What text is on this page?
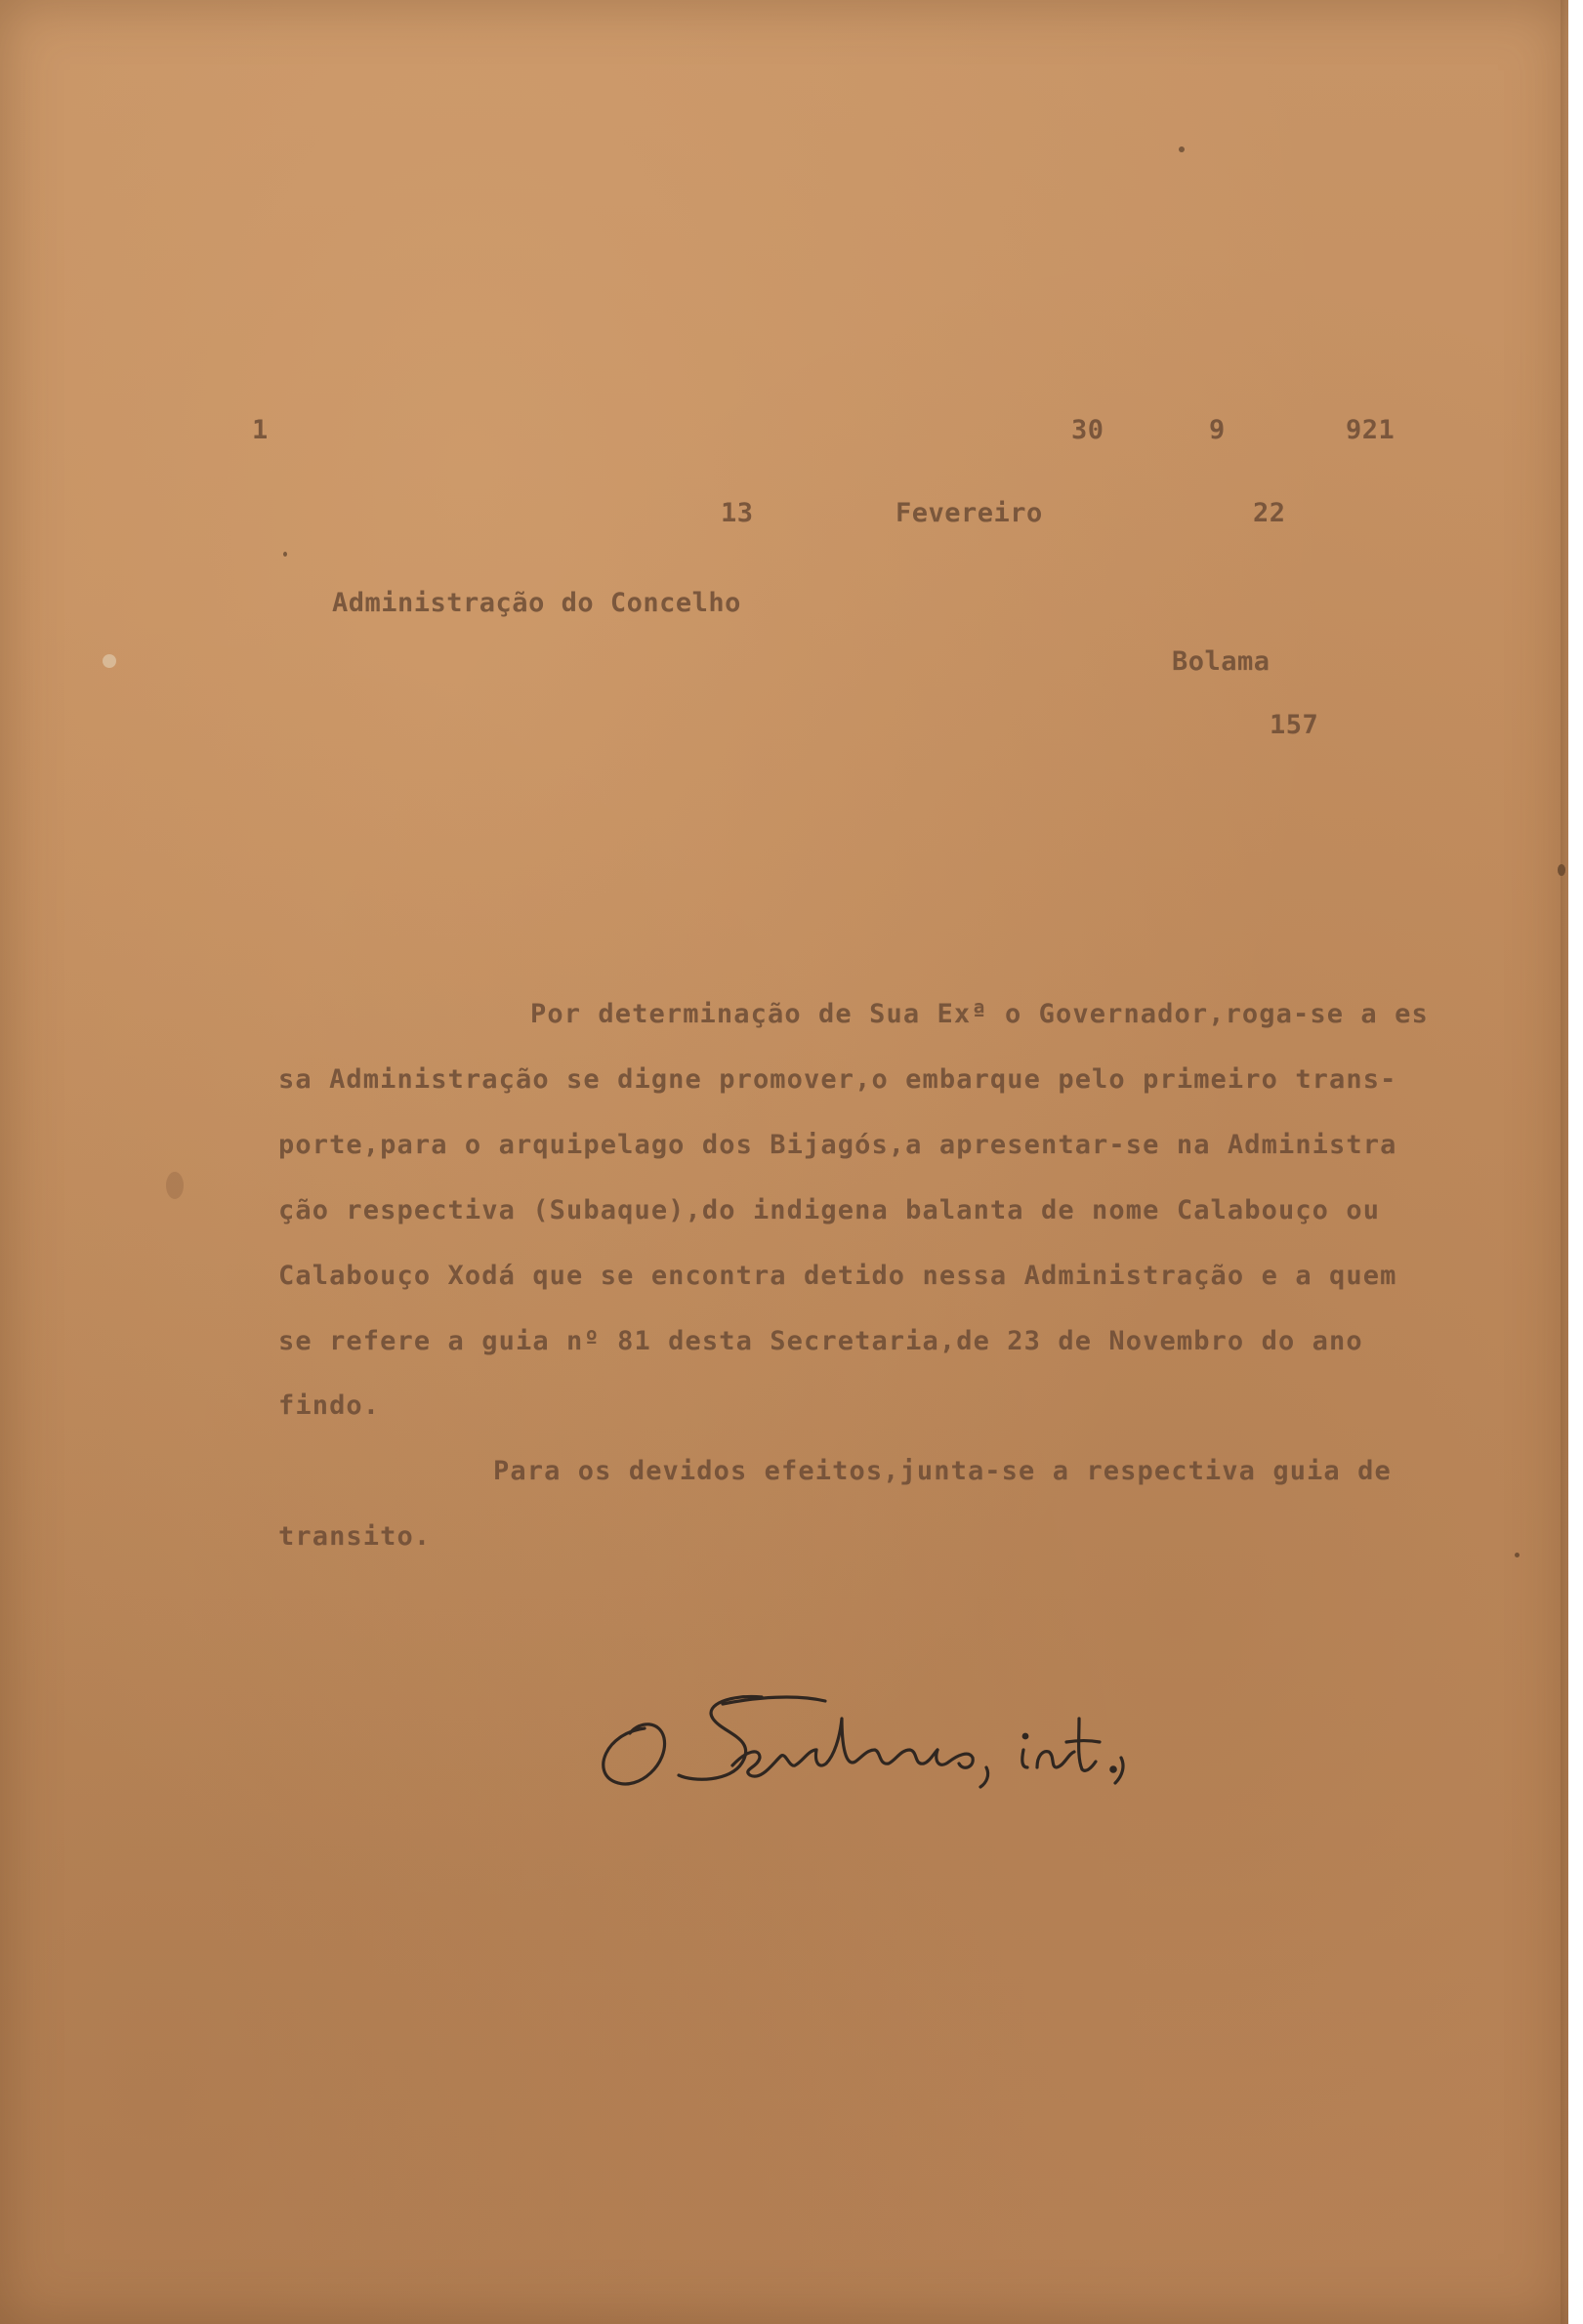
1	30	9	921
13	Fevereiro	22
Administração do Concelho
Bolama
157
Por determinação de Sua Exª o Governador,roga-se a es
sa Administração se digne promover,o embarque pelo primeiro trans-
porte,para o arquipelago dos Bijagós,a apresentar-se na Administra
ção respectiva (Subaque),do indigena balanta de nome Calabouço ou
Calabouço Xodá que se encontra detido nessa Administração e a quem
se refere a guia nº 81 desta Secretaria,de 23 de Novembro do ano
findo.
Para os devidos efeitos,junta-se a respectiva guia de
transito.
